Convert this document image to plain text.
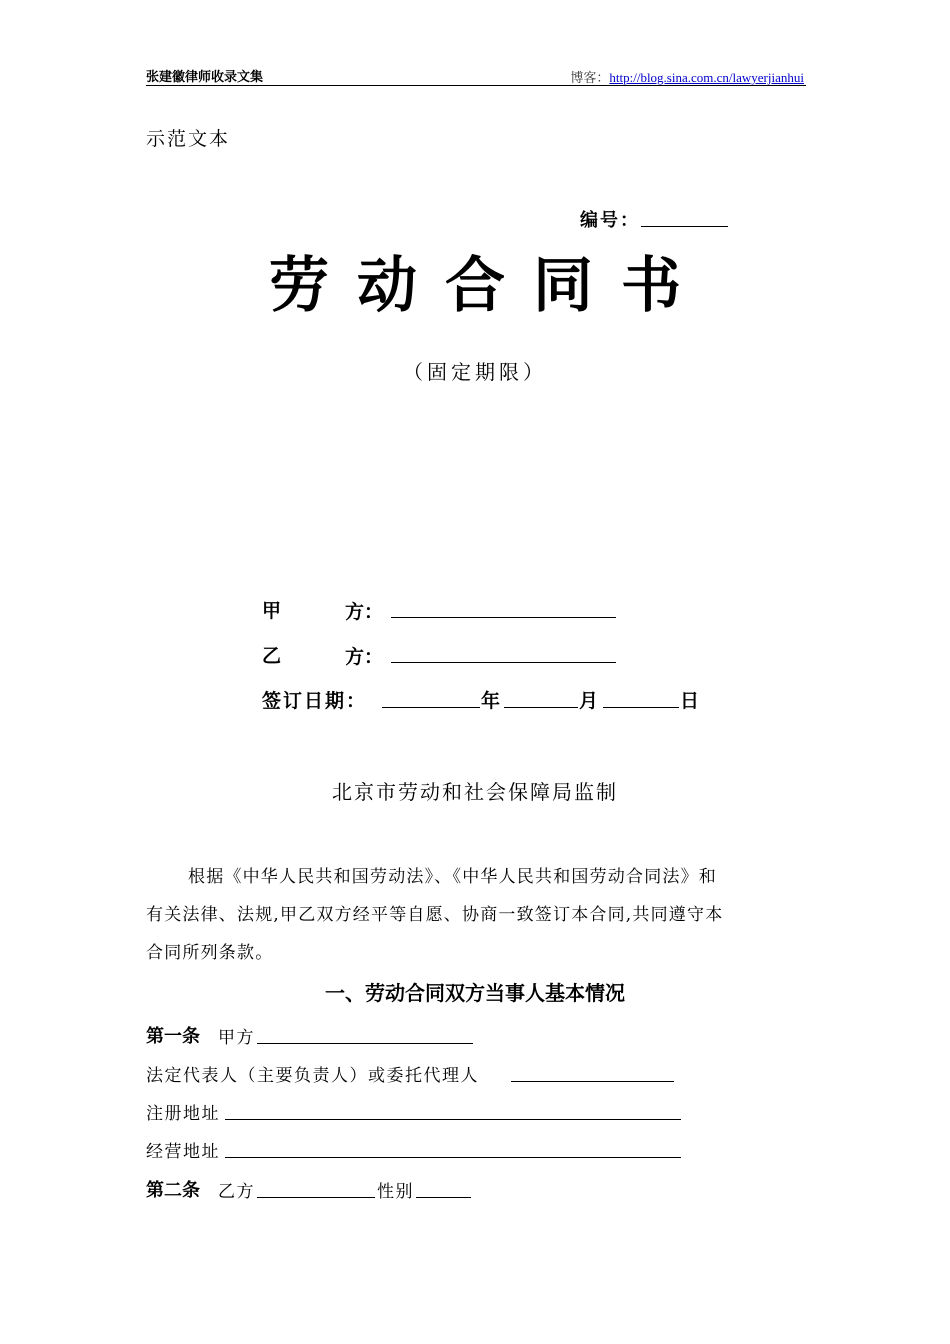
张建徽律师收录文集	博客：http://blog.sina.com.cn/lawyerjianhui
示范文本
编号：
劳动合同书
（固定期限）
甲	方：
乙	方：
签订日期：	年	月	日
北京市劳动和社会保障局监制

根据《中华人民共和国劳动法》、《中华人民共和国劳动合同法》和

有关法律、法规,甲乙双方经平等自愿、协商一致签订本合同,共同遵守本

合同所列条款。

一、劳动合同双方当事人基本情况
第一条 甲方
法定代表人（主要负责人）或委托代理人
注册地址
经营地址
第二条 乙方	性别
